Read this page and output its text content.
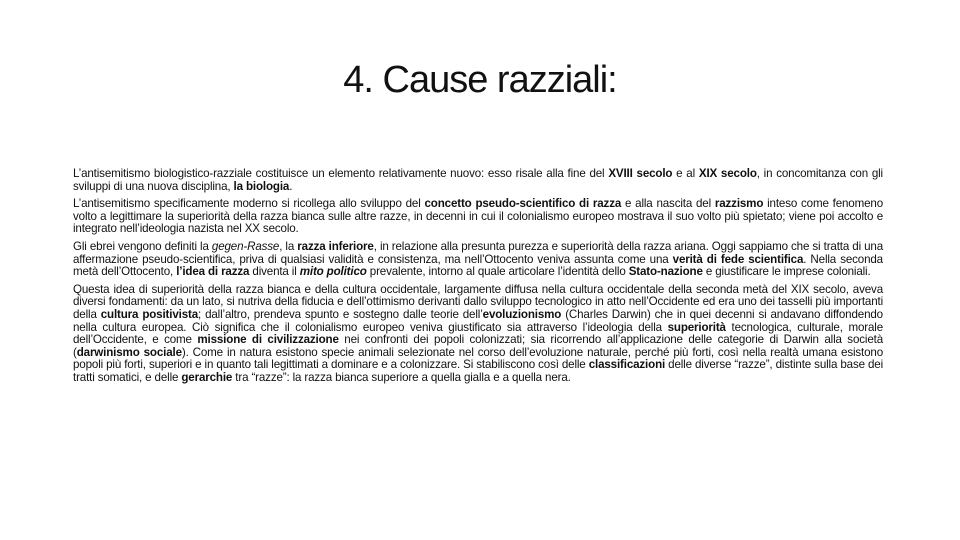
4. Cause razziali:

L’antisemitismo biologistico-razziale costituisce un elemento relativamente nuovo: esso risale alla fine del XVIII secolo e al XIX secolo, in concomitanza con gli sviluppi di una nuova disciplina, la biologia.

L’antisemitismo specificamente moderno si ricollega allo sviluppo del concetto pseudo-scientifico di razza e alla nascita del razzismo inteso come fenomeno volto a legittimare la superiorità della razza bianca sulle altre razze, in decenni in cui il colonialismo europeo mostrava il suo volto più spietato; viene poi accolto e integrato nell’ideologia nazista nel XX secolo.

Gli ebrei vengono definiti la gegen-Rasse, la razza inferiore, in relazione alla presunta purezza e superiorità della razza ariana. Oggi sappiamo che si tratta di una affermazione pseudo-scientifica, priva di qualsiasi validità e consistenza, ma nell’Ottocento veniva assunta come una verità di fede scientifica. Nella seconda metà dell’Ottocento, l’idea di razza diventa il mito politico prevalente, intorno al quale articolare l’identità dello Stato-nazione e giustificare le imprese coloniali.

Questa idea di superiorità della razza bianca e della cultura occidentale, largamente diffusa nella cultura occidentale della seconda metà del XIX secolo, aveva diversi fondamenti: da un lato, si nutriva della fiducia e dell’ottimismo derivanti dallo sviluppo tecnologico in atto nell’Occidente ed era uno dei tasselli più importanti della cultura positivista; dall’altro, prendeva spunto e sostegno dalle teorie dell’evoluzionismo (Charles Darwin) che in quei decenni si andavano diffondendo nella cultura europea. Ciò significa che il colonialismo europeo veniva giustificato sia attraverso l’ideologia della superiorità tecnologica, culturale, morale dell’Occidente, e come missione di civilizzazione nei confronti dei popoli colonizzati; sia ricorrendo all’applicazione delle categorie di Darwin alla società (darwinismo sociale). Come in natura esistono specie animali selezionate nel corso dell’evoluzione naturale, perché più forti, così nella realtà umana esistono popoli più forti, superiori e in quanto tali legittimati a dominare e a colonizzare. Si stabiliscono così delle classificazioni delle diverse “razze”, distinte sulla base dei tratti somatici, e delle gerarchie tra “razze”: la razza bianca superiore a quella gialla e a quella nera.
